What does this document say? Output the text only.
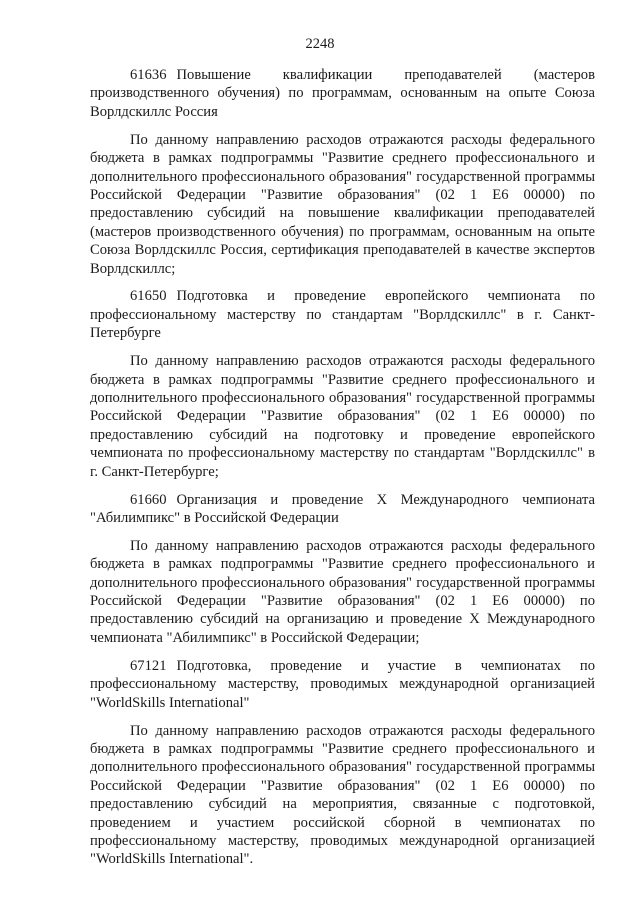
2248

61636 Повышение квалификации преподавателей (мастеров производственного обучения) по программам, основанным на опыте Союза Ворлдскиллс Россия

По данному направлению расходов отражаются расходы федерального бюджета в рамках подпрограммы "Развитие среднего профессионального и дополнительного профессионального образования" государственной программы Российской Федерации "Развитие образования" (02 1 Е6 00000) по предоставлению субсидий на повышение квалификации преподавателей (мастеров производственного обучения) по программам, основанным на опыте Союза Ворлдскиллс Россия, сертификация преподавателей в качестве экспертов Ворлдскиллс;

61650 Подготовка и проведение европейского чемпионата по профессиональному мастерству по стандартам "Ворлдскиллс" в г. Санкт-Петербурге

По данному направлению расходов отражаются расходы федерального бюджета в рамках подпрограммы "Развитие среднего профессионального и дополнительного профессионального образования" государственной программы Российской Федерации "Развитие образования" (02 1 Е6 00000) по предоставлению субсидий на подготовку и проведение европейского чемпионата по профессиональному мастерству по стандартам "Ворлдскиллс" в г. Санкт-Петербурге;

61660 Организация и проведение X Международного чемпионата "Абилимпикс" в Российской Федерации

По данному направлению расходов отражаются расходы федерального бюджета в рамках подпрограммы "Развитие среднего профессионального и дополнительного профессионального образования" государственной программы Российской Федерации "Развитие образования" (02 1 Е6 00000) по предоставлению субсидий на организацию и проведение X Международного чемпионата "Абилимпикс" в Российской Федерации;

67121 Подготовка, проведение и участие в чемпионатах по профессиональному мастерству, проводимых международной организацией "WorldSkills International"

По данному направлению расходов отражаются расходы федерального бюджета в рамках подпрограммы "Развитие среднего профессионального и дополнительного профессионального образования" государственной программы Российской Федерации "Развитие образования" (02 1 Е6 00000) по предоставлению субсидий на мероприятия, связанные с подготовкой, проведением и участием российской сборной в чемпионатах по профессиональному мастерству, проводимых международной организацией "WorldSkills International".
